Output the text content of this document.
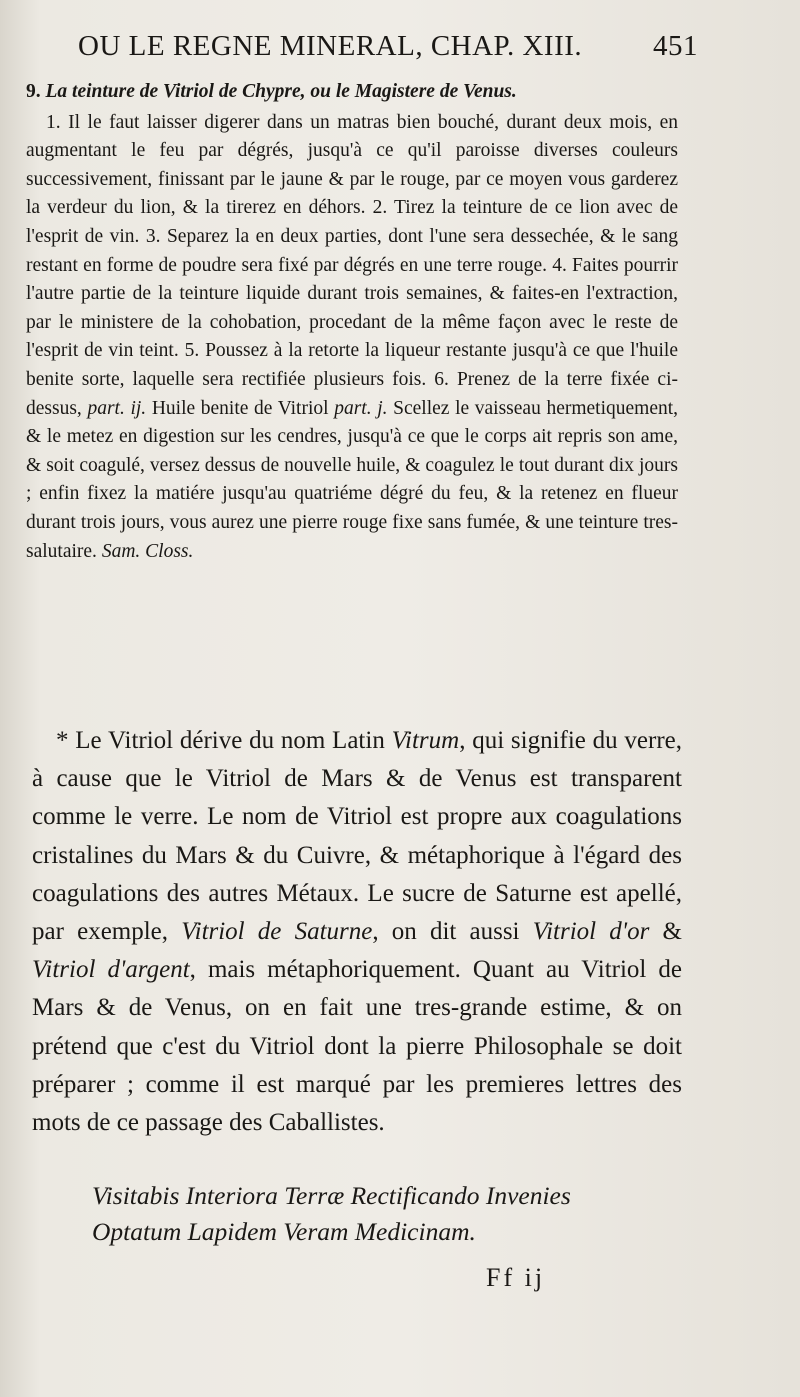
OU LE REGNE MINERAL, CHAP. XIII. 451

9. La teinture de Vitriol de Chypre, ou le Magistere de Venus.

1. Il le faut laisser digerer dans un matras bien bouché, durant deux mois, en augmentant le feu par dégrés, jusqu'à ce qu'il paroisse diverses couleurs successivement, finissant par le jaune & par le rouge, par ce moyen vous garderez la verdeur du lion, & la tirerez en déhors. 2. Tirez la teinture de ce lion avec de l'esprit de vin. 3. Separez la en deux parties, dont l'une sera dessechée, & le sang restant en forme de poudre sera fixé par dégrés en une terre rouge. 4. Faites pourrir l'autre partie de la teinture liquide durant trois semaines, & faites-en l'extraction, par le ministere de la cohobation, procedant de la même façon avec le reste de l'esprit de vin teint. 5. Poussez à la retorte la liqueur restante jusqu'à ce que l'huile benite sorte, laquelle sera rectifiée plusieurs fois. 6. Prenez de la terre fixée ci-dessus, part. ij. Huile benite de Vitriol part. j. Scellez le vaisseau hermetiquement, & le metez en digestion sur les cendres, jusqu'à ce que le corps ait repris son ame, & soit coagulé, versez dessus de nouvelle huile, & coagulez le tout durant dix jours ; enfin fixez la matiére jusqu'au quatriéme dégré du feu, & la retenez en flueur durant trois jours, vous aurez une pierre rouge fixe sans fumée, & une teinture tres-salutaire. Sam. Closs.

* Le Vitriol dérive du nom Latin Vitrum, qui signifie du verre, à cause que le Vitriol de Mars & de Venus est transparent comme le verre. Le nom de Vitriol est propre aux coagulations cristalines du Mars & du Cuivre, & métaphorique à l'égard des coagulations des autres Métaux. Le sucre de Saturne est apellé, par exemple, Vitriol de Saturne, on dit aussi Vitriol d'or & Vitriol d'argent, mais métaphoriquement. Quant au Vitriol de Mars & de Venus, on en fait une tres-grande estime, & on prétend que c'est du Vitriol dont la pierre Philosophale se doit préparer ; comme il est marqué par les premieres lettres des mots de ce passage des Caballistes.

Visitabis Interiora Terræ Rectificando Invenies
Optatum Lapidem Veram Medicinam.
Ff ij
